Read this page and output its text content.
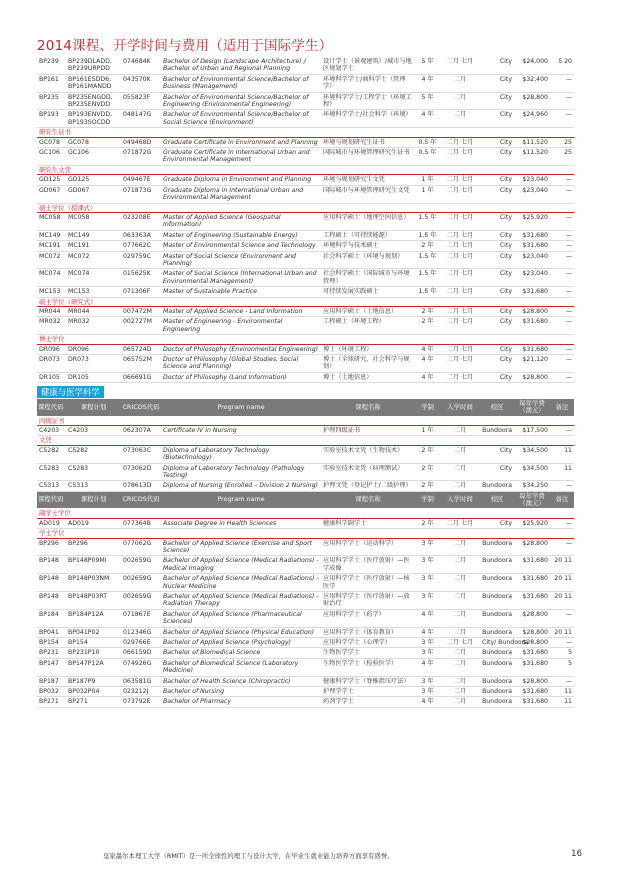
2014课程、开学时间与费用（适用于国际学生）
BP239	BP239DLADD, BP239URPDD	074684K	Bachelor of Design (Landscape Architecture) / Bachelor of Urban and Regional Planning	设计学士（景观建筑）/城市与地区规划学士	5 年	二月 七月	City	$24,000	5 20
BP161	BP161ESDD6, BP161MANDD	043570K	Bachelor of Environmental Science/Bachelor of Business (Management)	环境科学学士/商科学士（管理学）	4 年	二月	City	$32,400	—
BP235	BP235ENGDD, BP235ENVDD	055823F	Bachelor of Environmental Science/Bachelor of Engineering (Environmental Engineering)	环境科学学士/工程学士（环境工程）	5 年	二月	City	$28,800	—
BP193	BP193ENVDD, BP193SOCDD	048147G	Bachelor of Environmental Science/Bachelor of Social Science (Environment)	环境科学学士/社会科学（环境）	4 年	二月	City	$24,960	—
研究生证书									
GC078	GC078	049468D	Graduate Certificate in Environment and Planning	环境与规划研究生证书	0.5 年	二月 七月	City	$11,520	25
GC106	GC106	071872G	Graduate Certificate in International Urban and Environmental Management	国际城市与环境管理研究生证书	0.5 年	二月 七月	City	$11,520	25
研究生文凭									
GD125	GD125	049467E	Graduate Diploma in Environment and Planning	环境与规划研究生文凭	1 年	二月 七月	City	$23,040	—
GD067	GD067	071873G	Graduate Diploma in International Urban and Environmental Management	国际城市与环境管理研究生文凭	1 年	二月 七月	City	$23,040	—
硕士学位（授课式）									
MC058	MC058	023208E	Master of Applied Science (Geospatial Information)	应用科学硕士（地理空间信息）	1.5 年	二月 七月	City	$25,920	—
MC149	MC149	063363A	Master of Engineering (Sustainable Energy)	工程硕士（可持续能源）	1.5 年	二月 七月	City	$31,680	—
MC191	MC191	077662C	Master of Environmental Science and Technology	环境科学与技术硕士	2 年	二月 七月	City	$31,680	—
MC072	MC072	029759C	Master of Social Science (Environment and Planning)	社会科学硕士（环境与规划）	1.5 年	二月 七月	City	$23,040	—
MC074	MC074	015625K	Master of Social Science (International Urban and Environmental Management)	社会科学硕士（国际城市与环境管理）	1.5 年	二月 七月	City	$23,040	—
MC153	MC153	071306F	Master of Sustainable Practice	可持续发展实践硕士	1.5 年	二月 七月	City	$31,680	—
硕士学位（研究式）									
MR044	MR044	007472M	Master of Applied Science - Land Information	应用科学硕士（土地信息）	2 年	二月 七月	City	$28,800	—
MR032	MR032	002727M	Master of Engineering - Environmental Engineering	工程硕士（环境工程）	2 年	二月 七月	City	$31,680	—
博士学位									
DR096	DR096	065724D	Doctor of Philosophy (Environmental Engineering)	博士（环境工程）	4 年	二月 七月	City	$31,680	—
DR073	DR073	065752M	Doctor of Philosophy (Global Studies, Social Science and Planning)	博士（全球研究、社会科学与规划）	4 年	二月 七月	City	$21,120	—
DR105	DR105	066691G	Doctor of Philosophy (Land Information)	博士（土地信息）	4 年	二月 七月	City	$28,800	—
健康与医学科学									
课程代码	课程计划	CRICOS代码	Program name	课程名称	学制	入学时间	校区	每年学费（澳元）	备注
四级证书									
C4203	C4203	062307A	Certificate IV in Nursing	护理四级证书	1 年	二月	Bundoora	$17,500	—
文凭									
C5282	C5282	073063C	Diploma of Laboratory Technology (Biotechnology)	实验室技术文凭（生物技术）	2 年	二月	City	$34,500	11
C5283	C5283	073062D	Diploma of Laboratory Technology (Pathology Testing)	实验室技术文凭（病理测试）	2 年	二月	City	$34,500	11
C5313	C5313	078613D	Diploma of Nursing (Enrolled – Division 2 Nursing)	护理文凭（登记护士/二级护理）	2 年	二月	Bundoora	$34,250	—
课程代码	课程计划	CRICOS代码	Program name	课程名称	学制	入学时间	校区	每年学费（澳元）	备注
副学士学位									
AD019	AD019	077364B	Associate Degree in Health Sciences	健康科学副学士	2 年	二月 七月	City	$25,920	—
学士学位									
BP296	BP296	077062G	Bachelor of Applied Science (Exercise and Sport Science)	应用科学学士（运动科学）	3 年	二月	Bundoora	$28,800	—
BP148	BP148P09MI	002659G	Bachelor of Applied Science (Medical Radiations) - Medical Imaging	应用科学学士（医疗放射）—医学成像	3 年	二月	Bundoora	$31,680	20 11
BP148	BP148P03NM	002659G	Bachelor of Applied Science (Medical Radiations) - Nuclear Medicine	应用科学学士（医疗放射）—核医学	3 年	二月	Bundoora	$31,680	20 11
BP148	BP148P03RT	002659G	Bachelor of Applied Science (Medical Radiations) - Radiation Therapy	应用科学学士（医疗放射）—放射治疗	3 年	二月	Bundoora	$31,680	20 11
BP184	BP184P12A	071867E	Bachelor of Applied Science (Pharmaceutical Sciences)	应用科学学士（药学）	4 年	二月	Bundoora	$28,800	—
BP041	BP041P02	012346G	Bachelor of Applied Science (Physical Education)	应用科学学士（体育教育）	4 年	二月	Bundoora	$28,800	20 11
BP154	BP154	029766E	Bachelor of Applied Science (Psychology)	应用科学学士（心理学）	3 年	二月 七月	City/ Bundoora	$28,800	—
BP231	BP231P10	066159D	Bachelor of Biomedical Science	生物医学学士	3 年	二月	Bundoora	$31,680	5
BP147	BP147P12A	074926G	Bachelor of Biomedical Science (Laboratory Medicine)	生物医学学士（检验医学）	4 年	二月	Bundoora	$31,680	5
BP187	BP187P9	063581G	Bachelor of Health Science (Chiropractic)	健康科学学士（脊椎指压疗法）	3 年	二月	Bundoora	$28,800	—
BP032	BP032P04	023212J	Bachelor of Nursing	护理学学士	3 年	二月	Bundoora	$31,680	11
BP271	BP271	073792E	Bachelor of Pharmacy	药剂学学士	4 年	二月	Bundoora	$31,680	11
皇家墨尔本理工大学（RMIT）是一所全球性的理工与设计大学，在毕业生就业能力培养方面享有盛誉。	16
